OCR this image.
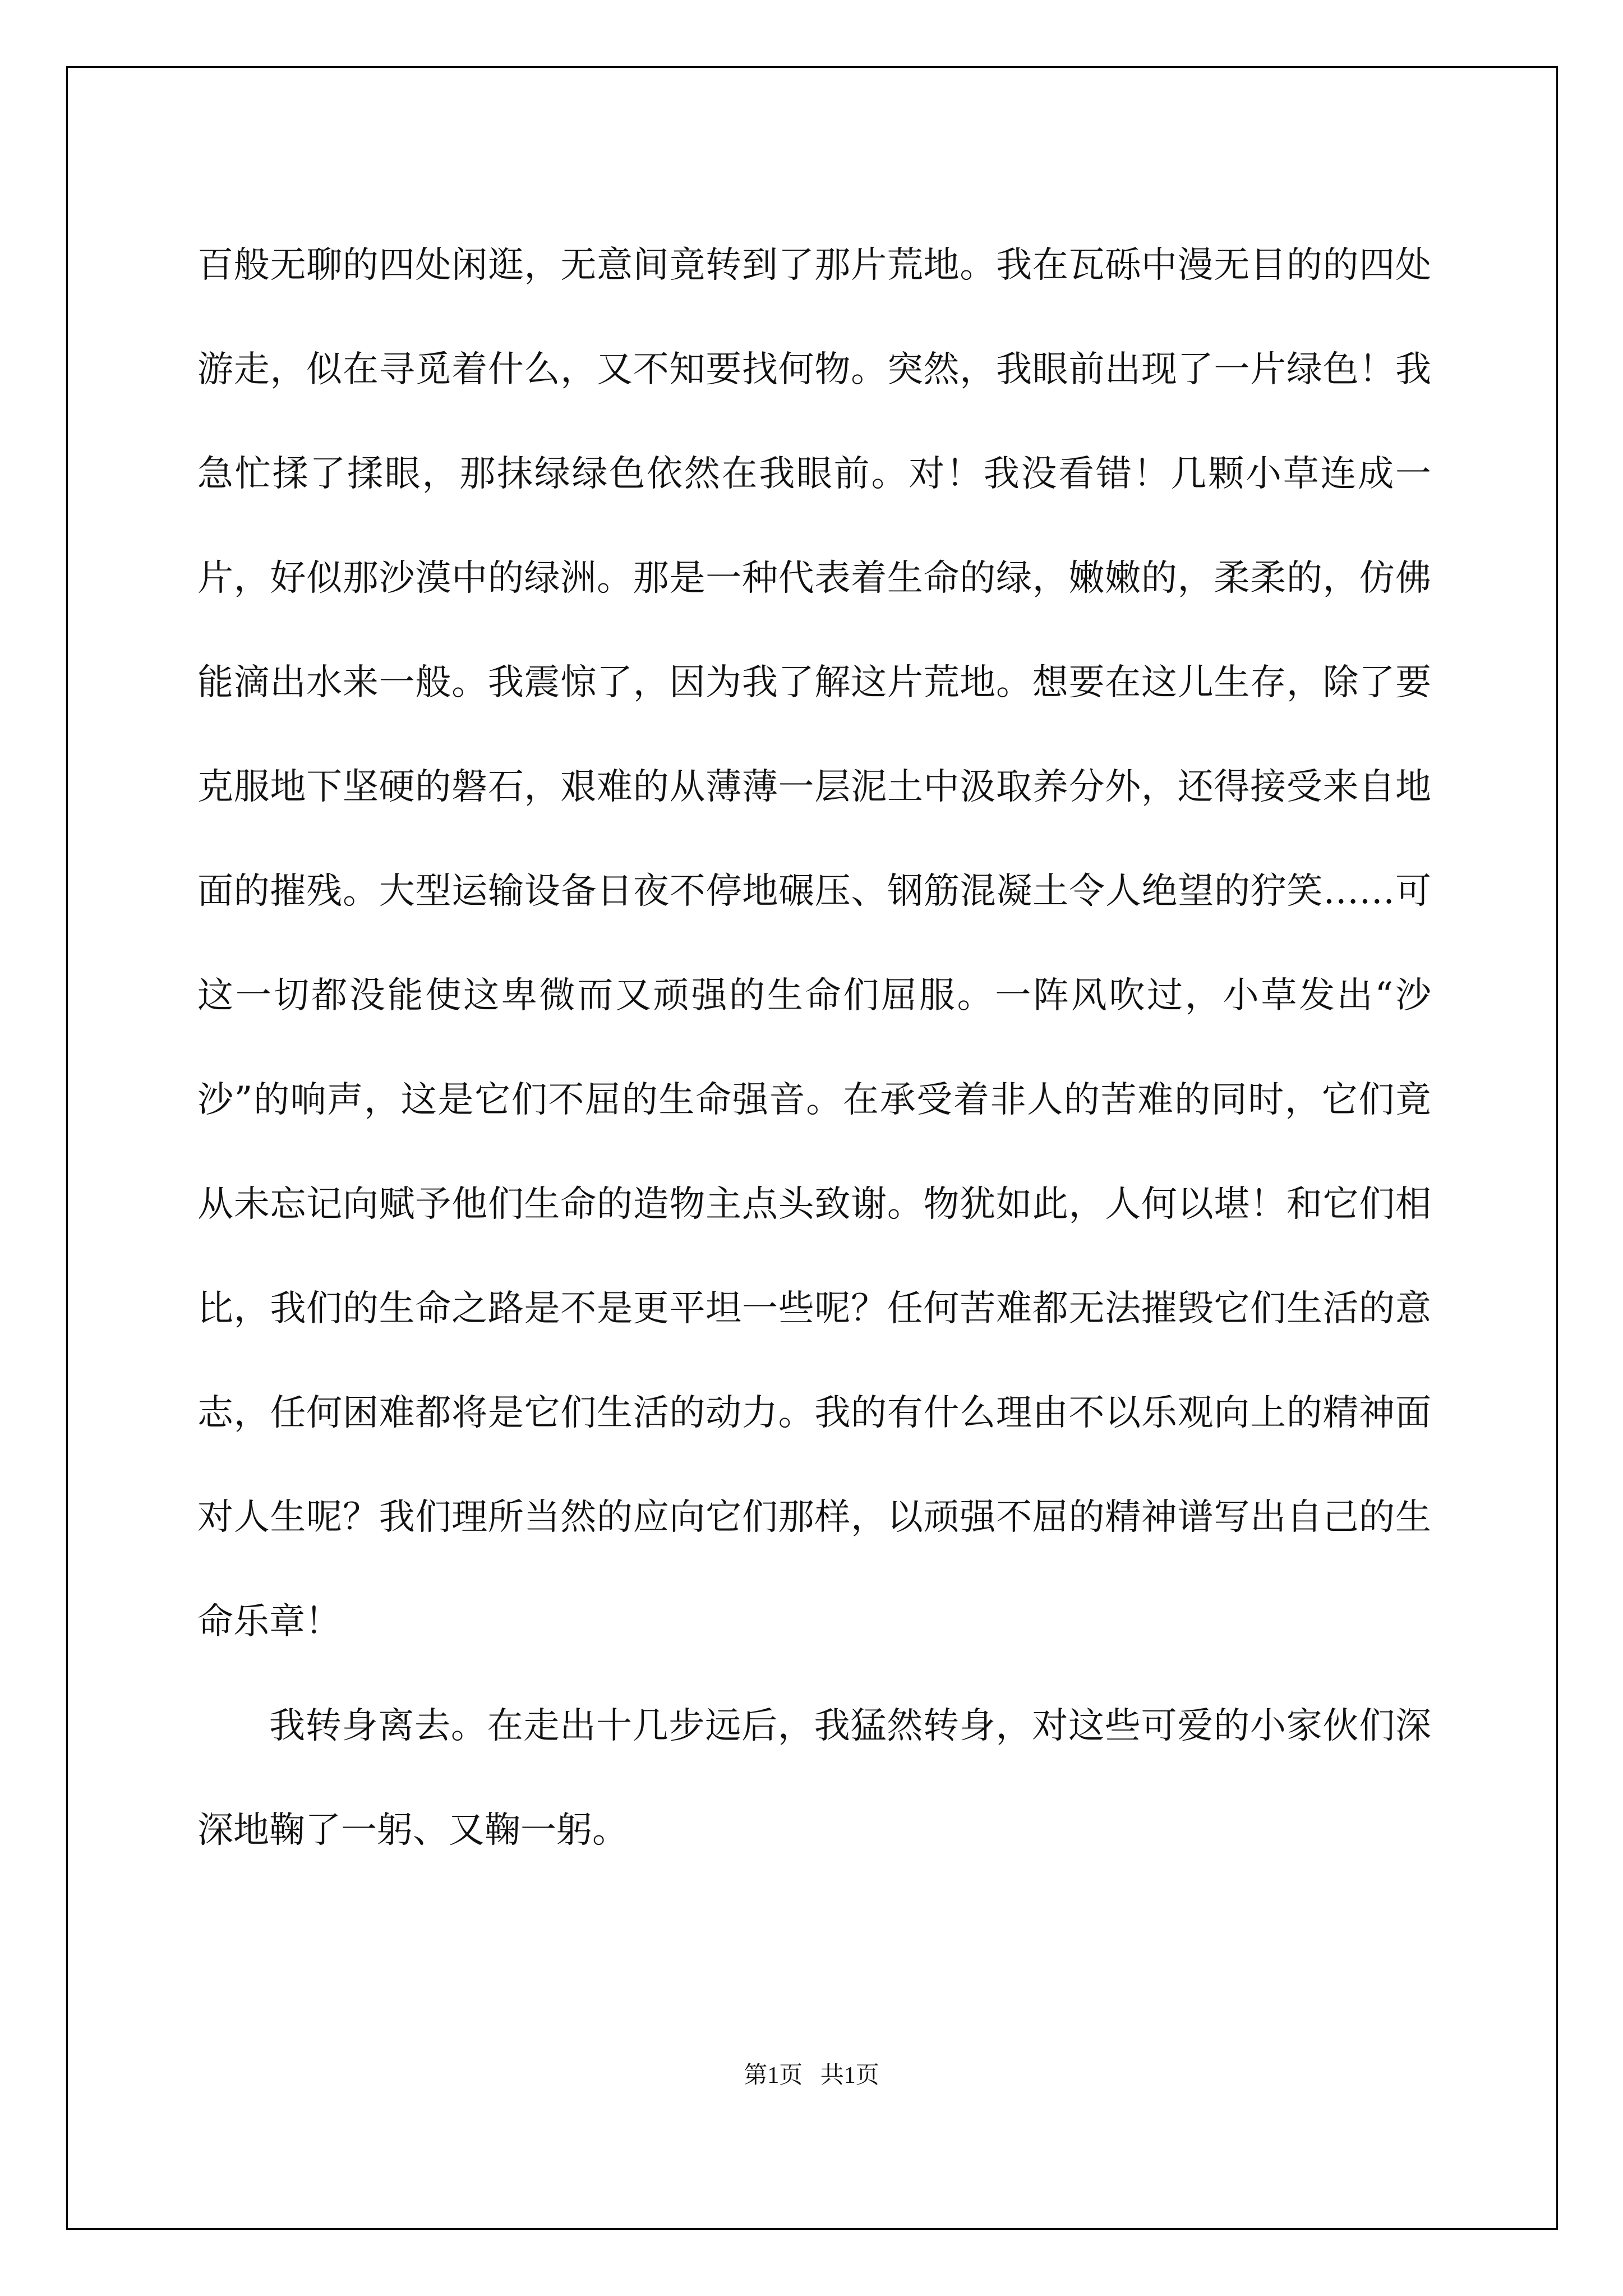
百般无聊的四处闲逛，无意间竟转到了那片荒地。我在瓦砾中漫无目的的四处游走，似在寻觅着什么，又不知要找何物。突然，我眼前出现了一片绿色！我急忙揉了揉眼，那抹绿绿色依然在我眼前。对！我没看错！几颗小草连成一片，好似那沙漠中的绿洲。那是一种代表着生命的绿，嫩嫩的，柔柔的，仿佛能滴出水来一般。我震惊了，因为我了解这片荒地。想要在这儿生存，除了要克服地下坚硬的磐石，艰难的从薄薄一层泥土中汲取养分外，还得接受来自地面的摧残。大型运输设备日夜不停地碾压、钢筋混凝土令人绝望的狞笑……可这一切都没能使这卑微而又顽强的生命们屈服。一阵风吹过，小草发出“沙沙”的响声，这是它们不屈的生命强音。在承受着非人的苦难的同时，它们竟从未忘记向赋予他们生命的造物主点头致谢。物犹如此，人何以堪！和它们相比，我们的生命之路是不是更平坦一些呢？任何苦难都无法摧毁它们生活的意志，任何困难都将是它们生活的动力。我的有什么理由不以乐观向上的精神面对人生呢？我们理所当然的应向它们那样，以顽强不屈的精神谱写出自己的生命乐章！

我转身离去。在走出十几步远后，我猛然转身，对这些可爱的小家伙们深深地鞠了一躬、又鞠一躬。

第1页 共1页
